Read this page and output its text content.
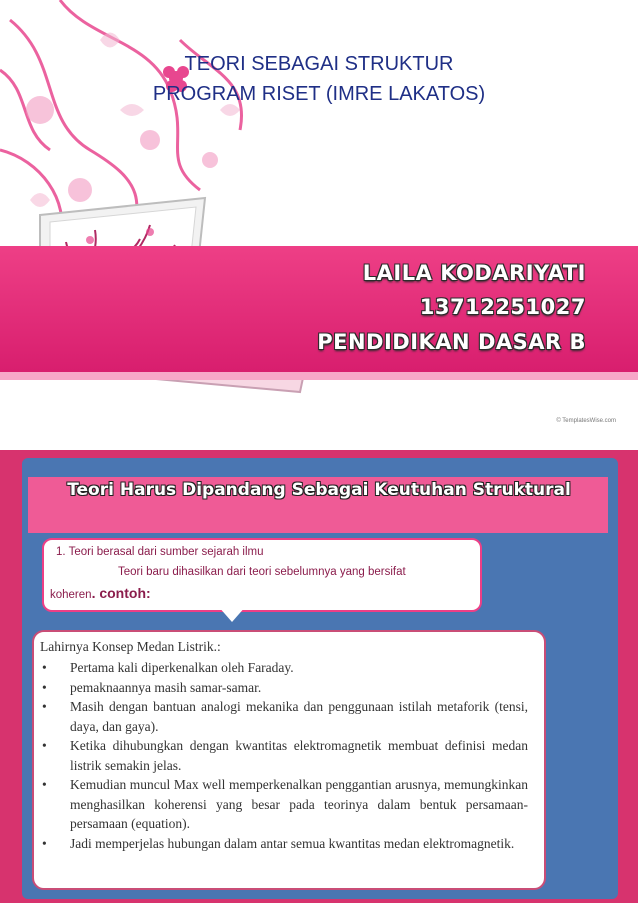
TEORI SEBAGAI STRUKTUR
PROGRAM RISET (IMRE LAKATOS)
LAILA KODARIYATI
13712251027
PENDIDIKAN DASAR B
© TemplatesWise.com
Teori Harus Dipandang Sebagai Keutuhan Struktural
1. Teori berasal dari sumber sejarah ilmu
Teori baru dihasilkan dari teori sebelumnya yang bersifat
koheren. contoh:
Lahirnya Konsep Medan Listrik.:
• Pertama kali diperkenalkan oleh Faraday.
• pemaknaannya masih samar-samar.
• Masih dengan bantuan analogi mekanika dan penggunaan istilah metaforik (tensi, daya, dan gaya).
• Ketika dihubungkan dengan kwantitas elektromagnetik membuat definisi medan listrik semakin jelas.
• Kemudian muncul Max well memperkenalkan penggantian arusnya, memungkinkan menghasilkan koherensi yang besar pada teorinya dalam bentuk persamaan-persamaan (equation).
• Jadi memperjelas hubungan dalam antar semua kwantitas medan elektromagnetik.
